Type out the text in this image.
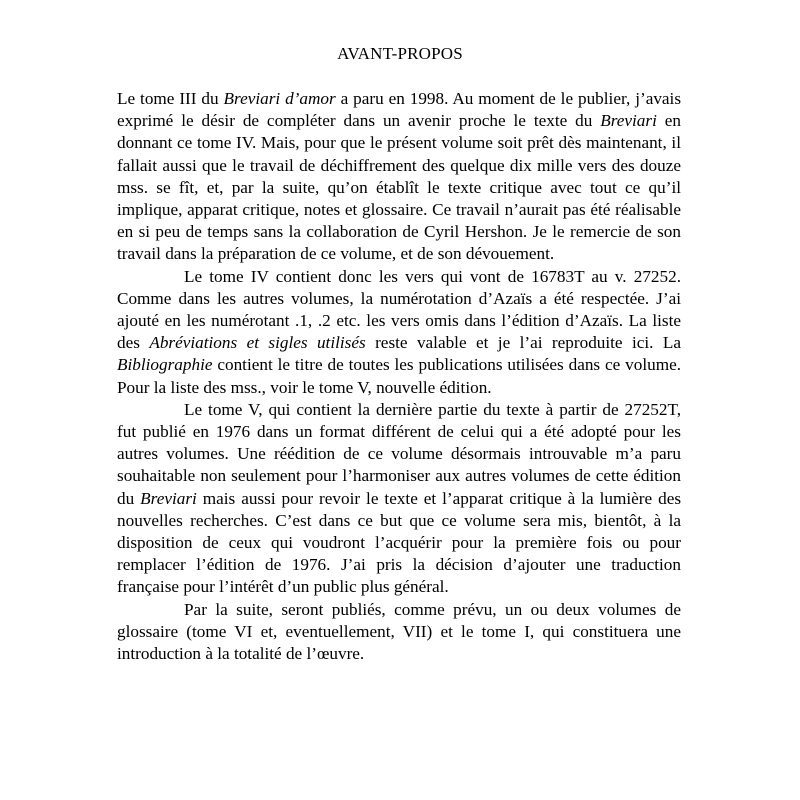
AVANT-PROPOS

Le tome III du Breviari d’amor a paru en 1998. Au moment de le publier, j’avais exprimé le désir de compléter dans un avenir proche le texte du Breviari en donnant ce tome IV. Mais, pour que le présent volume soit prêt dès maintenant, il fallait aussi que le travail de déchiffrement des quelque dix mille vers des douze mss. se fît, et, par la suite, qu’on établît le texte critique avec tout ce qu’il implique, apparat critique, notes et glossaire. Ce travail n’aurait pas été réalisable en si peu de temps sans la collaboration de Cyril Hershon. Je le remercie de son travail dans la préparation de ce volume, et de son dévouement.

Le tome IV contient donc les vers qui vont de 16783T au v. 27252. Comme dans les autres volumes, la numérotation d’Azaïs a été respectée. J’ai ajouté en les numérotant .1, .2 etc. les vers omis dans l’édition d’Azaïs. La liste des Abréviations et sigles utilisés reste valable et je l’ai reproduite ici. La Bibliographie contient le titre de toutes les publications utilisées dans ce volume. Pour la liste des mss., voir le tome V, nouvelle édition.

Le tome V, qui contient la dernière partie du texte à partir de 27252T, fut publié en 1976 dans un format différent de celui qui a été adopté pour les autres volumes. Une réédition de ce volume désormais introuvable m’a paru souhaitable non seulement pour l’harmoniser aux autres volumes de cette édition du Breviari mais aussi pour revoir le texte et l’apparat critique à la lumière des nouvelles recherches. C’est dans ce but que ce volume sera mis, bientôt, à la disposition de ceux qui voudront l’acquérir pour la première fois ou pour remplacer l’édition de 1976. J’ai pris la décision d’ajouter une traduction française pour l’intérêt d’un public plus général.

Par la suite, seront publiés, comme prévu, un ou deux volumes de glossaire (tome VI et, eventuellement, VII) et le tome I, qui constituera une introduction à la totalité de l’œuvre.
